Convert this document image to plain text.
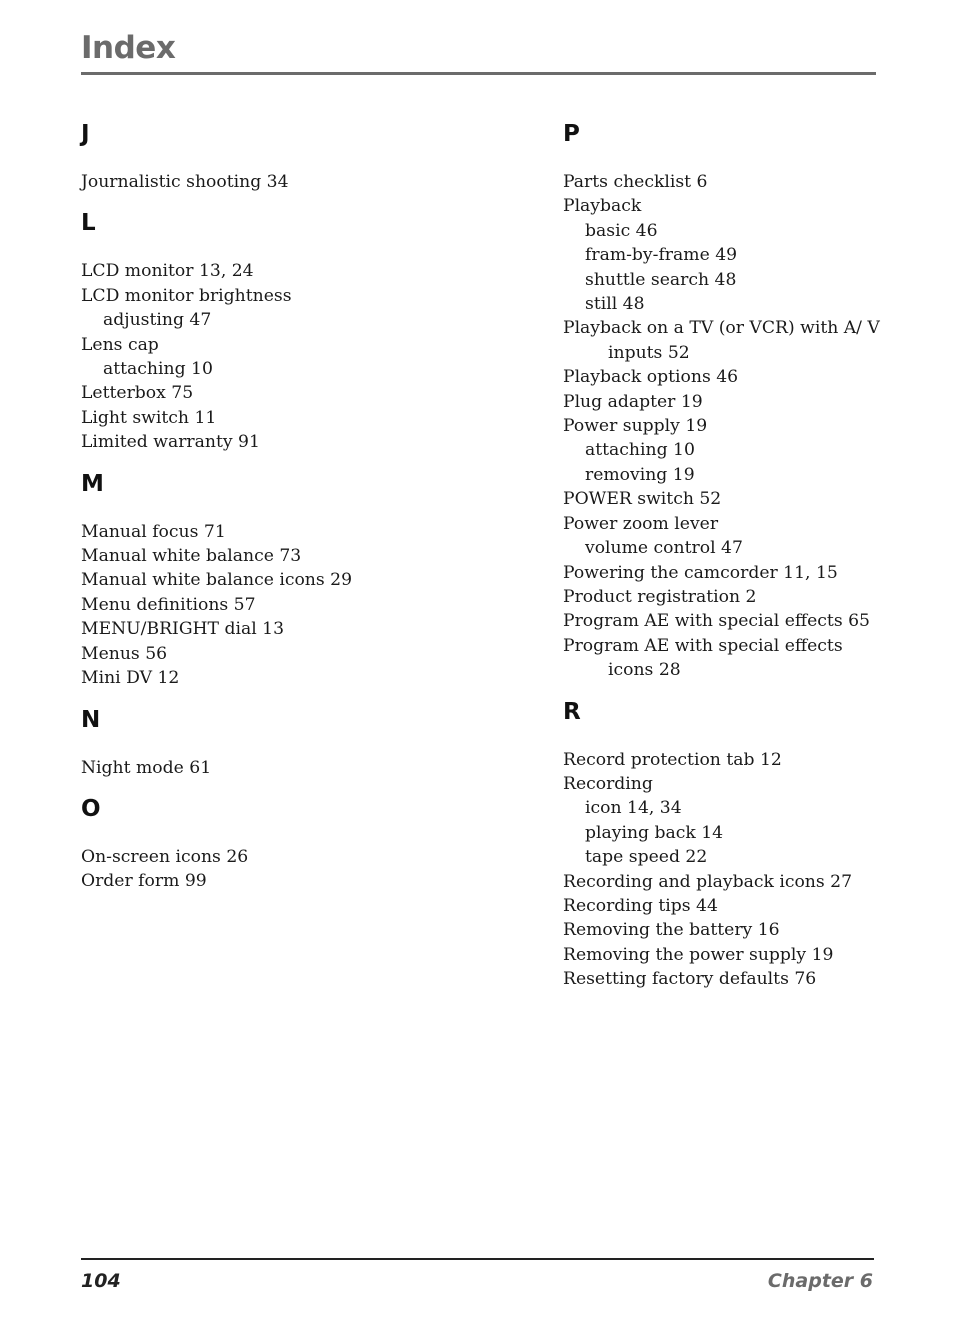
Index
J
Journalistic shooting 34
L
LCD monitor 13, 24
LCD monitor brightness
adjusting 47
Lens cap
attaching 10
Letterbox 75
Light switch 11
Limited warranty 91
M
Manual focus 71
Manual white balance 73
Manual white balance icons 29
Menu definitions 57
MENU/BRIGHT dial 13
Menus 56
Mini DV 12
N
Night mode 61
O
On-screen icons 26
Order form 99
P
Parts checklist 6
Playback
basic 46
fram-by-frame 49
shuttle search 48
still 48
Playback on a TV (or VCR) with A/ V inputs 52
Playback options 46
Plug adapter 19
Power supply 19
attaching 10
removing 19
POWER switch 52
Power zoom lever
volume control 47
Powering the camcorder 11, 15
Product registration 2
Program AE with special effects 65
Program AE with special effects icons 28
R
Record protection tab 12
Recording
icon 14, 34
playing back 14
tape speed 22
Recording and playback icons 27
Recording tips 44
Removing the battery 16
Removing the power supply 19
Resetting factory defaults 76
104	Chapter 6
